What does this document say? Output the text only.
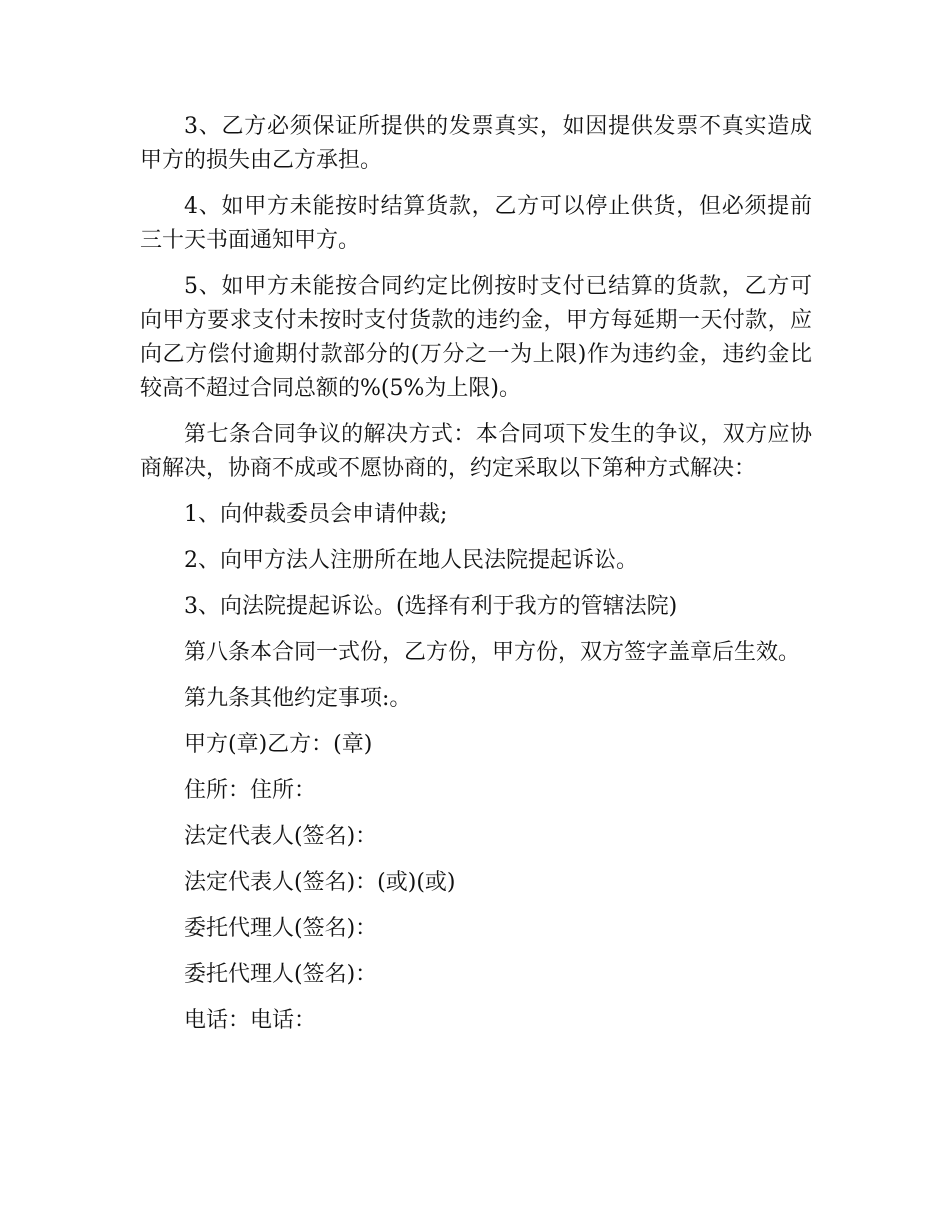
3、乙方必须保证所提供的发票真实，如因提供发票不真实造成甲方的损失由乙方承担。

4、如甲方未能按时结算货款，乙方可以停止供货，但必须提前三十天书面通知甲方。

5、如甲方未能按合同约定比例按时支付已结算的货款，乙方可向甲方要求支付未按时支付货款的违约金，甲方每延期一天付款，应向乙方偿付逾期付款部分的(万分之一为上限)作为违约金，违约金比较高不超过合同总额的%(5%为上限)。

第七条合同争议的解决方式：本合同项下发生的争议，双方应协商解决，协商不成或不愿协商的，约定采取以下第种方式解决：

1、向仲裁委员会申请仲裁;

2、向甲方法人注册所在地人民法院提起诉讼。

3、向法院提起诉讼。(选择有利于我方的管辖法院)

第八条本合同一式份，乙方份，甲方份，双方签字盖章后生效。

第九条其他约定事项:。

甲方(章)乙方：(章)

住所：住所：

法定代表人(签名)：

法定代表人(签名)：(或)(或)

委托代理人(签名)：

委托代理人(签名)：

电话：电话：
